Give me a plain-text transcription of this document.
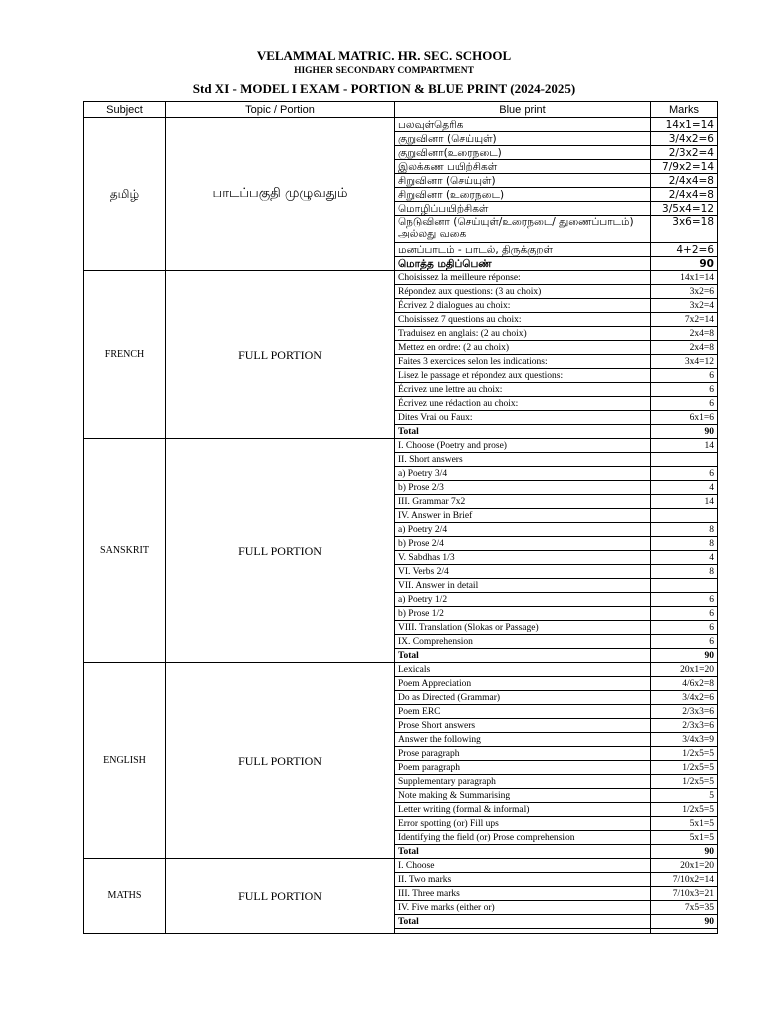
VELAMMAL MATRIC. HR. SEC. SCHOOL
HIGHER SECONDARY COMPARTMENT
Std XI - MODEL I EXAM - PORTION & BLUE PRINT (2024-2025)
Subject	Topic / Portion	Blue print	Marks
தமிழ்	பாடப்பகுதி முழுவதும்	பலவுள்தெரிக	14x1=14
		குறுவினா (செய்யுள்)	3/4x2=6
		குறுவினா(உரைநடை)	2/3x2=4
		இலக்கண பயிற்சிகள்	7/9x2=14
		சிறுவினா (செய்யுள்)	2/4x4=8
		சிறுவினா (உரைநடை)	2/4x4=8
		மொழிப்பயிற்சிகள்	3/5x4=12
		நெடுவினா (செய்யுள்/உரைநடை/ துணைப்பாடம்) அல்லது வகை	3x6=18
		மனப்பாடம் - பாடல், திருக்குறள்	4+2=6
		மொத்த மதிப்பெண்	90
FRENCH	FULL PORTION	Choisissez la meilleure réponse:	14x1=14
		Répondez aux questions: (3 au choix)	3x2=6
		Écrivez 2 dialogues au choix:	3x2=4
		Choisissez 7 questions au choix:	7x2=14
		Traduisez en anglais: (2 au choix)	2x4=8
		Mettez en ordre: (2 au choix)	2x4=8
		Faites 3 exercices selon les indications:	3x4=12
		Lisez le passage et répondez aux questions:	6
		Écrivez une lettre au choix:	6
		Écrivez une rédaction au choix:	6
		Dites Vrai ou Faux:	6x1=6
		Total	90
SANSKRIT	FULL PORTION	I. Choose (Poetry and prose)	14
		II. Short answers	
		a) Poetry 3/4	6
		b) Prose 2/3	4
		III. Grammar 7x2	14
		IV. Answer in Brief	
		a) Poetry 2/4	8
		b) Prose 2/4	8
		V. Sabdhas 1/3	4
		VI. Verbs 2/4	8
		VII. Answer in detail	
		a) Poetry 1/2	6
		b) Prose 1/2	6
		VIII. Translation (Slokas or Passage)	6
		IX. Comprehension	6
		Total	90
ENGLISH	FULL PORTION	Lexicals	20x1=20
		Poem Appreciation	4/6x2=8
		Do as Directed (Grammar)	3/4x2=6
		Poem ERC	2/3x3=6
		Prose Short answers	2/3x3=6
		Answer the following	3/4x3=9
		Prose paragraph	1/2x5=5
		Poem paragraph	1/2x5=5
		Supplementary paragraph	1/2x5=5
		Note making & Summarising	5
		Letter writing (formal & informal)	1/2x5=5
		Error spotting (or) Fill ups	5x1=5
		Identifying the field (or) Prose comprehension	5x1=5
		Total	90
MATHS	FULL PORTION	I. Choose	20x1=20
		II. Two marks	7/10x2=14
		III. Three marks	7/10x3=21
		IV. Five marks (either or)	7x5=35
		Total	90
